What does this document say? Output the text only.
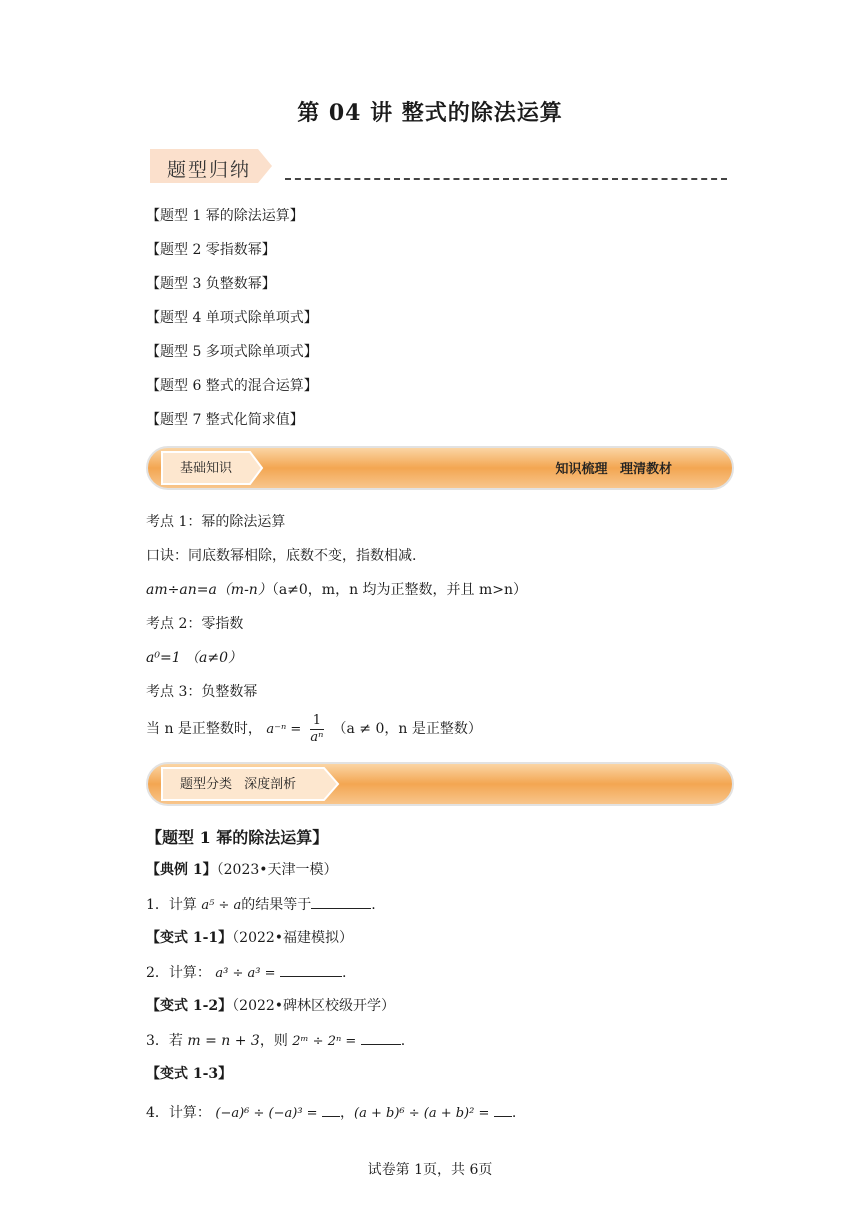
第 04 讲 整式的除法运算
题型归纳
【题型 1 幂的除法运算】
【题型 2 零指数幂】
【题型 3 负整数幂】
【题型 4 单项式除单项式】
【题型 5 多项式除单项式】
【题型 6 整式的混合运算】
【题型 7 整式化简求值】
基础知识	知识梳理 理清教材
考点 1：幂的除法运算
口诀：同底数幂相除，底数不变，指数相减.
am÷an=a（m-n）（a≠0，m，n 均为正整数，并且 m>n）
考点 2：零指数
a⁰=1 （a≠0）
考点 3：负整数幂
当 n 是正整数时， $a^{-n} = \frac{1}{\text{aⁿ}} (a \ne 0$，n 是正整数）
题型分类 深度剖析
【题型 1 幂的除法运算】
【典例 1】（2023•天津一模）
1．计算 a⁵ ÷ a的结果等于	.
【变式 1-1】（2022•福建模拟）
2．计算： a³ ÷ a³ =	.
【变式 1-2】（2022•碑林区校级开学）
3．若 m = n + 3，则 2ᵐ ÷ 2ⁿ =	.
【变式 1-3】
4．计算： (−a)⁶ ÷ (−a)³ = ，(a + b)⁶ ÷ (a + b)² = .
试卷第 1页，共 6页
